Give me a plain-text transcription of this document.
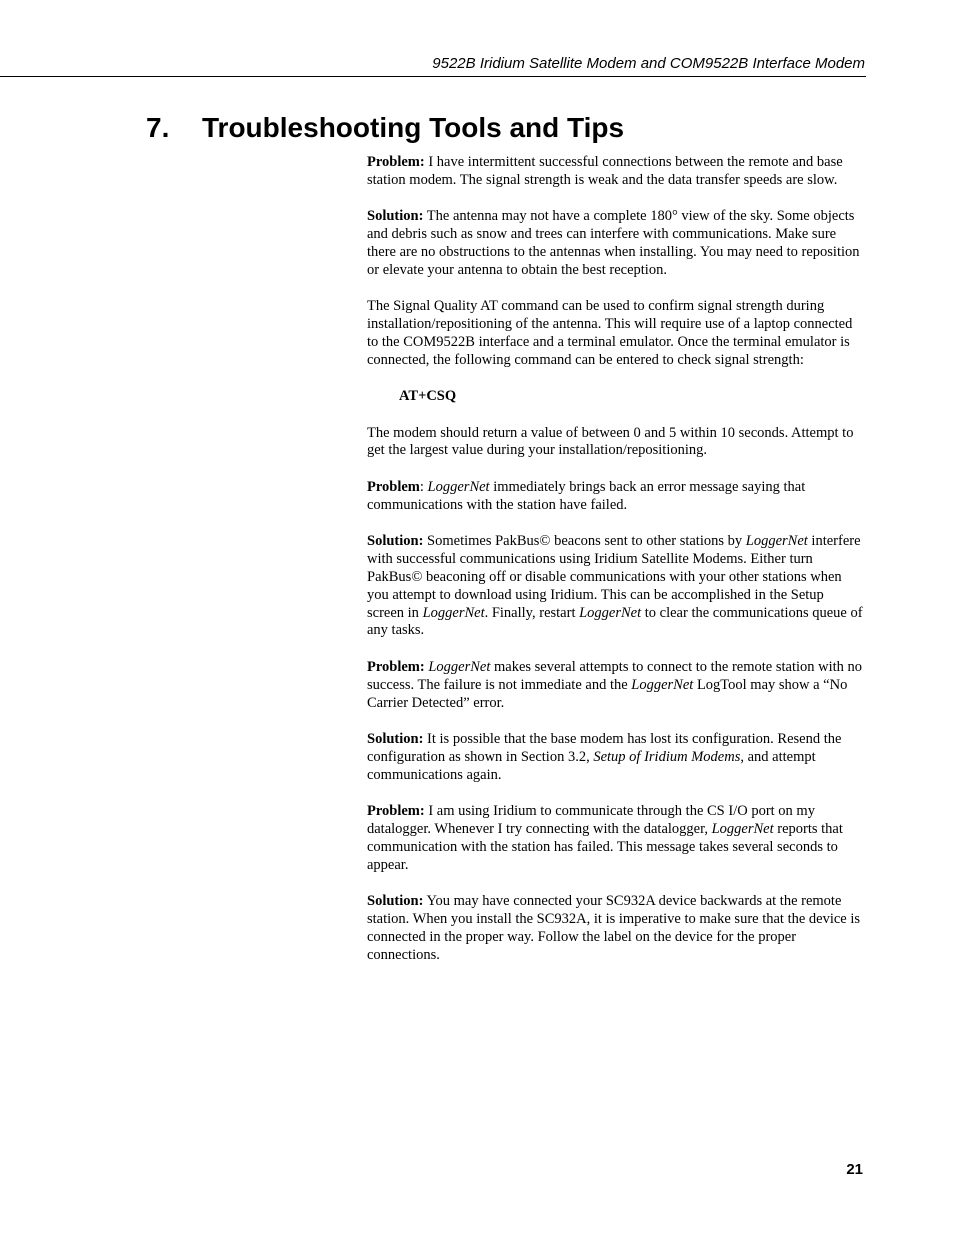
9522B Iridium Satellite Modem and COM9522B Interface Modem
7. Troubleshooting Tools and Tips

Problem: I have intermittent successful connections between the remote and base station modem. The signal strength is weak and the data transfer speeds are slow.

Solution: The antenna may not have a complete 180° view of the sky. Some objects and debris such as snow and trees can interfere with communications. Make sure there are no obstructions to the antennas when installing. You may need to reposition or elevate your antenna to obtain the best reception.

The Signal Quality AT command can be used to confirm signal strength during installation/repositioning of the antenna. This will require use of a laptop connected to the COM9522B interface and a terminal emulator. Once the terminal emulator is connected, the following command can be entered to check signal strength:

AT+CSQ

The modem should return a value of between 0 and 5 within 10 seconds. Attempt to get the largest value during your installation/repositioning.

Problem: LoggerNet immediately brings back an error message saying that communications with the station have failed.

Solution: Sometimes PakBus© beacons sent to other stations by LoggerNet interfere with successful communications using Iridium Satellite Modems. Either turn PakBus© beaconing off or disable communications with your other stations when you attempt to download using Iridium. This can be accomplished in the Setup screen in LoggerNet. Finally, restart LoggerNet to clear the communications queue of any tasks.

Problem: LoggerNet makes several attempts to connect to the remote station with no success. The failure is not immediate and the LoggerNet LogTool may show a “No Carrier Detected” error.

Solution: It is possible that the base modem has lost its configuration. Resend the configuration as shown in Section 3.2, Setup of Iridium Modems, and attempt communications again.

Problem: I am using Iridium to communicate through the CS I/O port on my datalogger. Whenever I try connecting with the datalogger, LoggerNet reports that communication with the station has failed. This message takes several seconds to appear.

Solution: You may have connected your SC932A device backwards at the remote station. When you install the SC932A, it is imperative to make sure that the device is connected in the proper way. Follow the label on the device for the proper connections.

21
